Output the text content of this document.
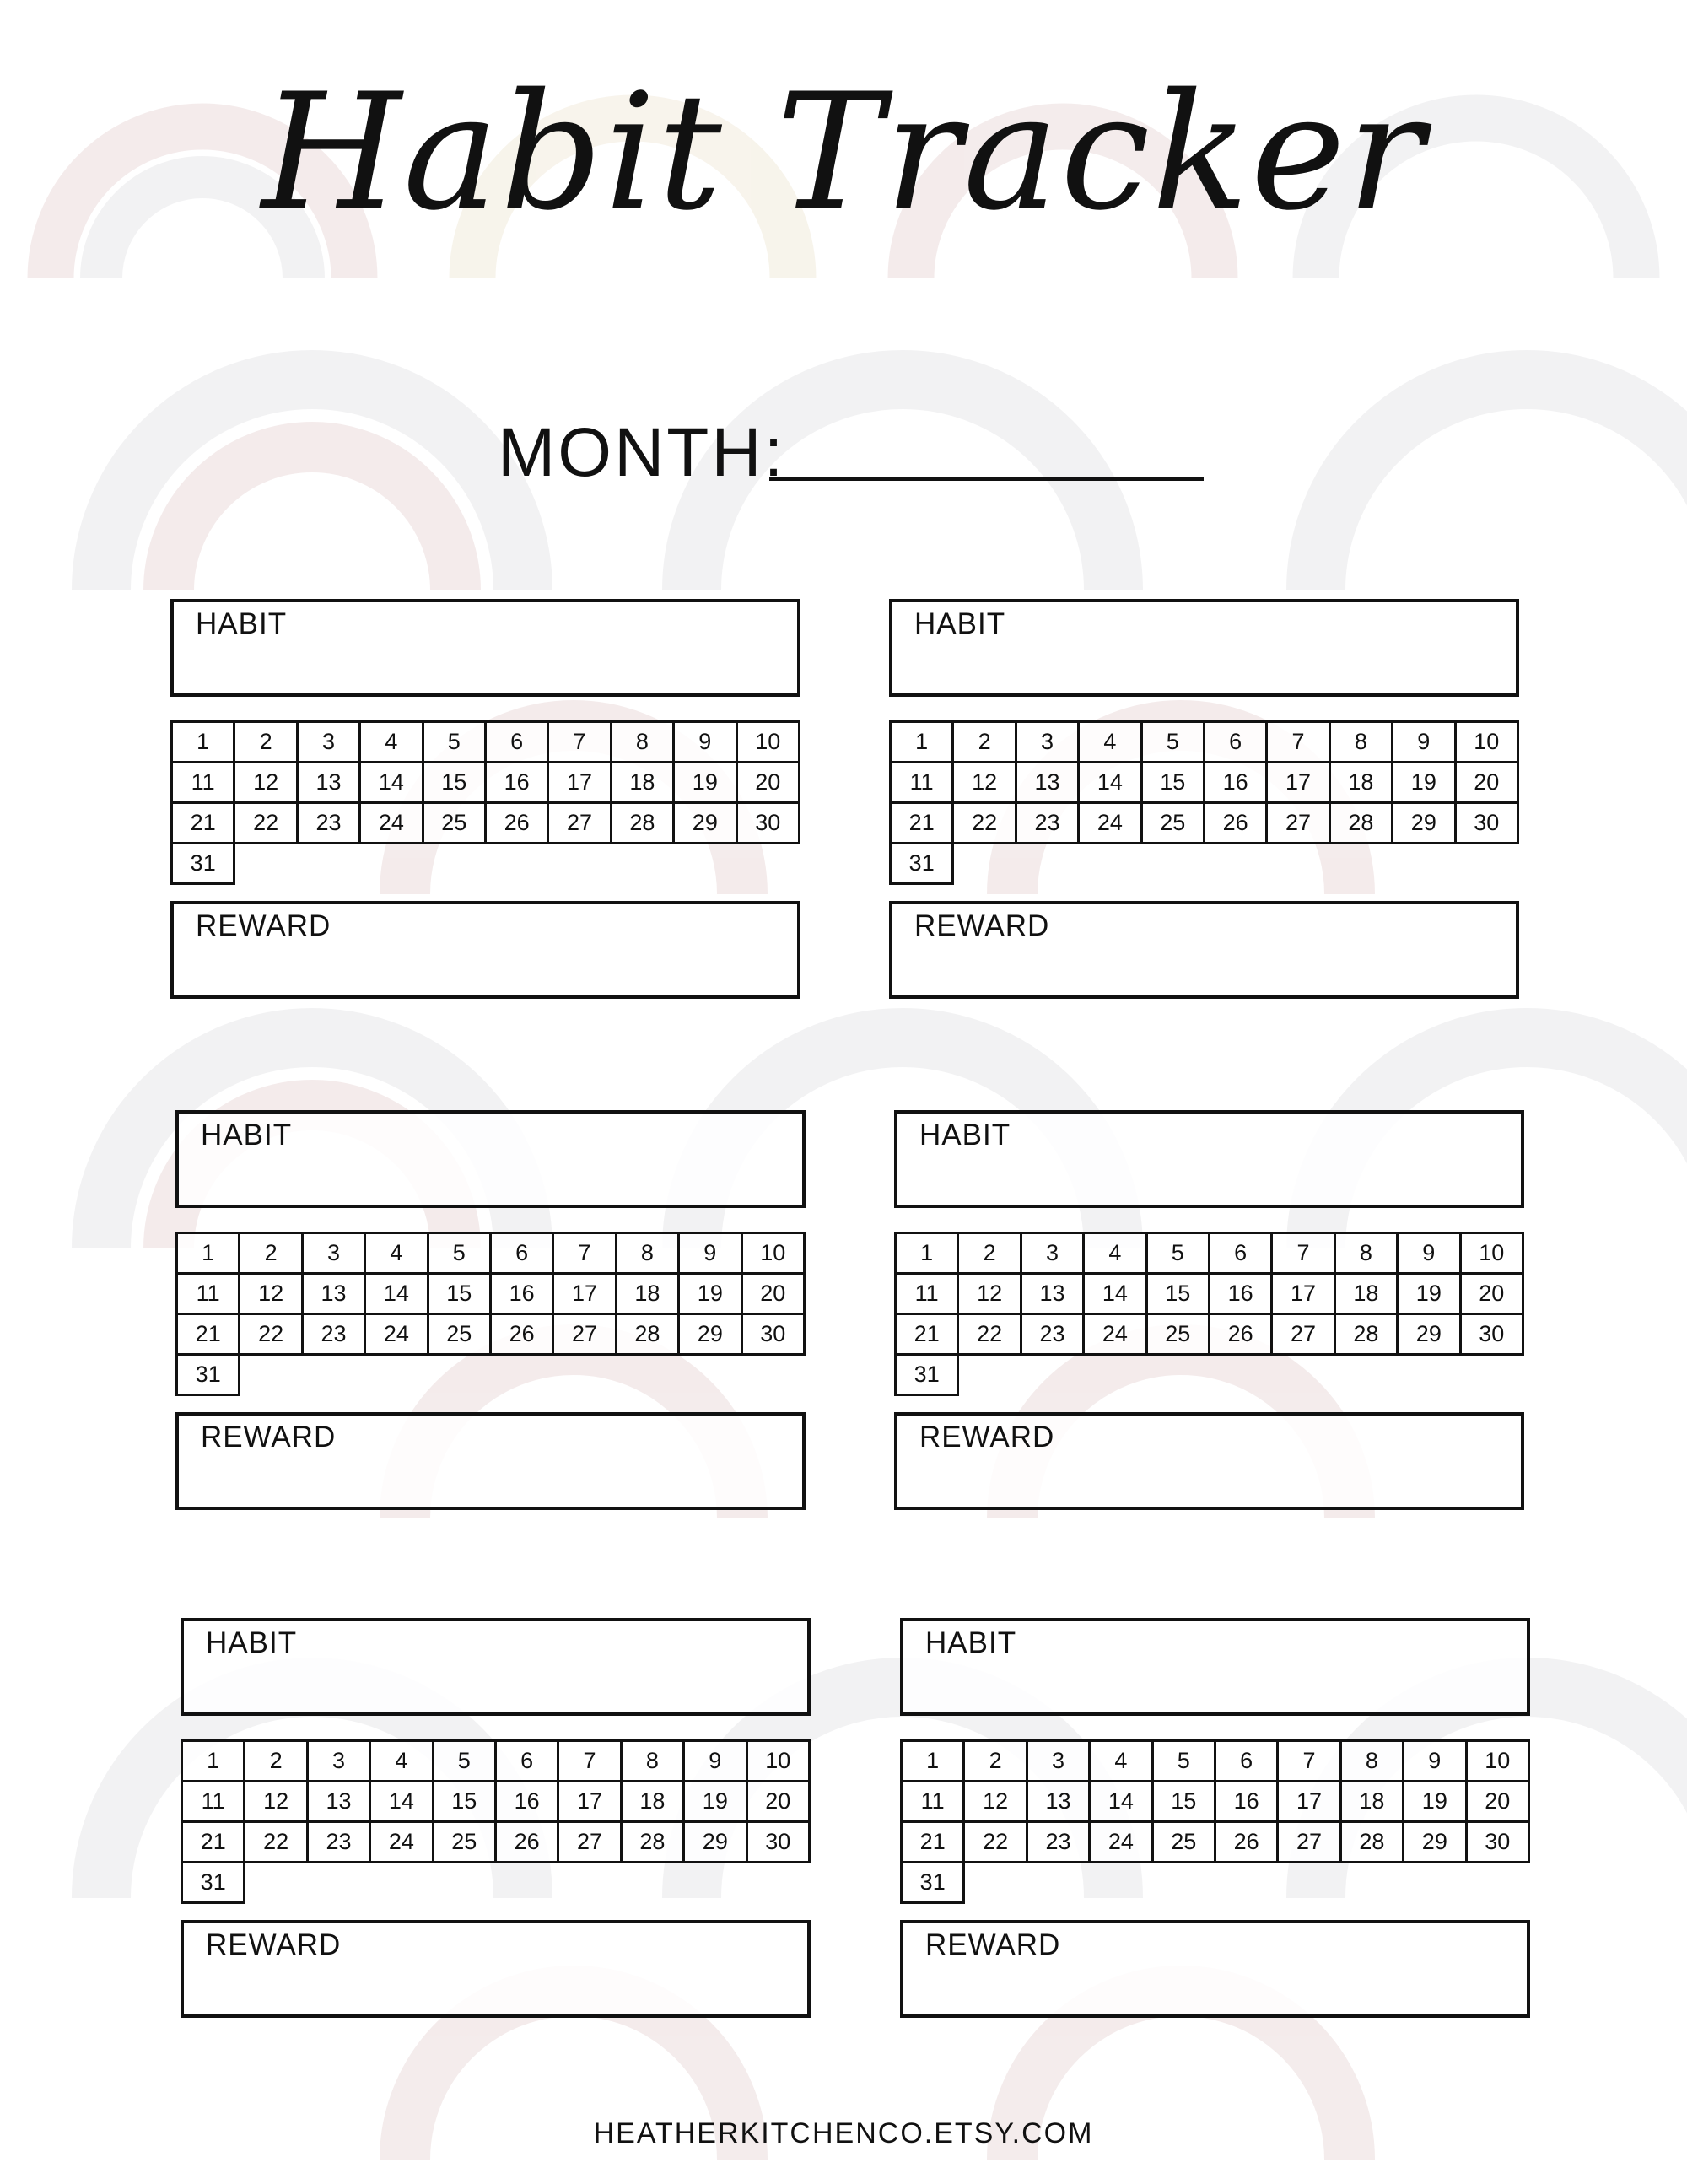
Habit Tracker
MONTH:
HABIT
1	2	3	4	5	6	7	8	9	10
11	12	13	14	15	16	17	18	19	20
21	22	23	24	25	26	27	28	29	30
31
REWARD
HABIT
1	2	3	4	5	6	7	8	9	10
11	12	13	14	15	16	17	18	19	20
21	22	23	24	25	26	27	28	29	30
31
REWARD
HABIT
1	2	3	4	5	6	7	8	9	10
11	12	13	14	15	16	17	18	19	20
21	22	23	24	25	26	27	28	29	30
31
REWARD
HABIT
1	2	3	4	5	6	7	8	9	10
11	12	13	14	15	16	17	18	19	20
21	22	23	24	25	26	27	28	29	30
31
REWARD
HABIT
1	2	3	4	5	6	7	8	9	10
11	12	13	14	15	16	17	18	19	20
21	22	23	24	25	26	27	28	29	30
31
REWARD
HABIT
1	2	3	4	5	6	7	8	9	10
11	12	13	14	15	16	17	18	19	20
21	22	23	24	25	26	27	28	29	30
31
REWARD
HEATHERKITCHENCO.ETSY.COM
